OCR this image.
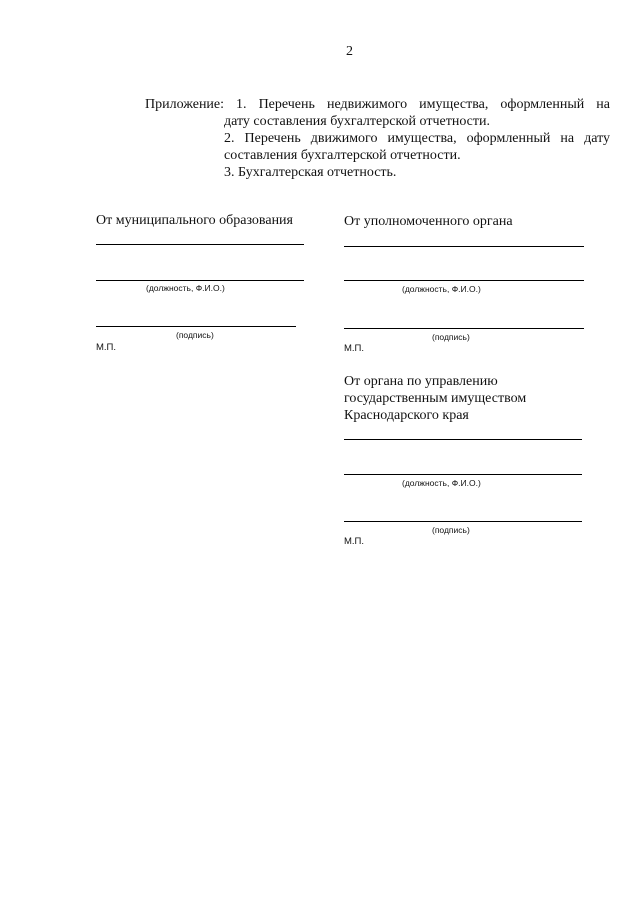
2
Приложение: 1. Перечень недвижимого имущества, оформленный на
дату составления бухгалтерской отчетности.
2. Перечень движимого имущества, оформленный на дату
составления бухгалтерской отчетности.
3. Бухгалтерская отчетность.
От муниципального образования
(должность, Ф.И.О.)
(подпись)
М.П.
От уполномоченного органа
(должность, Ф.И.О.)
(подпись)
М.П.
От органа по управлению
государственным имуществом
Краснодарского края
(должность, Ф.И.О.)
(подпись)
М.П.
